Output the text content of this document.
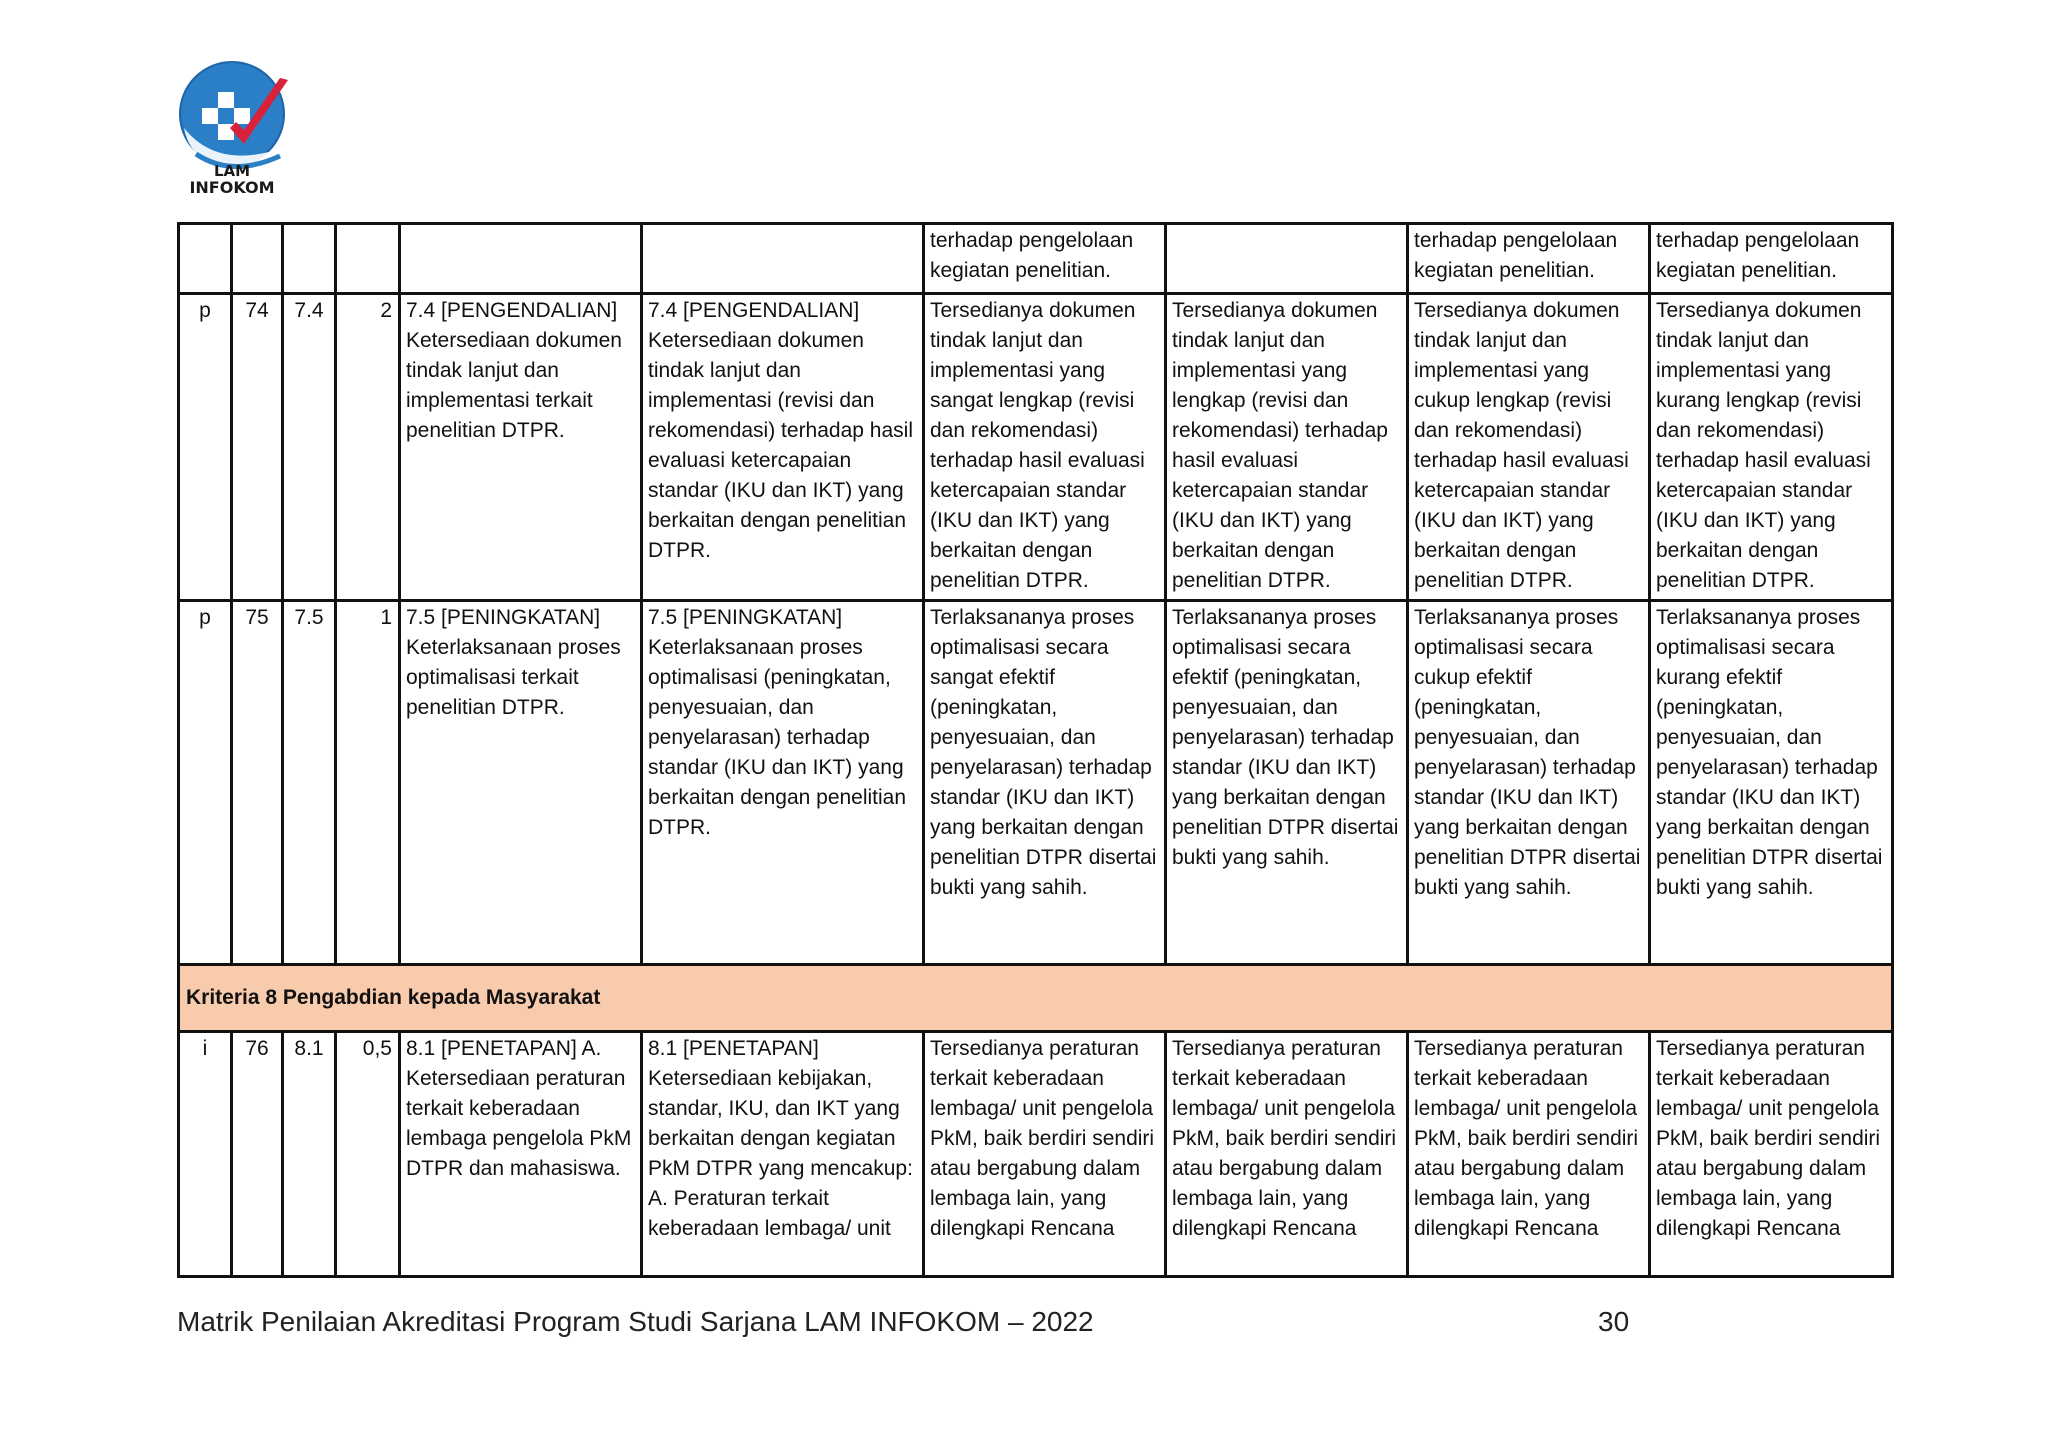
LAM
INFOKOM
						terhadap pengelolaan kegiatan penelitian.		terhadap pengelolaan kegiatan penelitian.	terhadap pengelolaan kegiatan penelitian.
p	74	7.4	2	7.4 [PENGENDALIAN] Ketersediaan dokumen tindak lanjut dan implementasi terkait penelitian DTPR.	7.4 [PENGENDALIAN] Ketersediaan dokumen tindak lanjut dan implementasi (revisi dan rekomendasi) terhadap hasil evaluasi ketercapaian standar (IKU dan IKT) yang berkaitan dengan penelitian DTPR.	Tersedianya dokumen tindak lanjut dan implementasi yang sangat lengkap (revisi dan rekomendasi) terhadap hasil evaluasi ketercapaian standar (IKU dan IKT) yang berkaitan dengan penelitian DTPR.	Tersedianya dokumen tindak lanjut dan implementasi yang lengkap (revisi dan rekomendasi) terhadap hasil evaluasi ketercapaian standar (IKU dan IKT) yang berkaitan dengan penelitian DTPR.	Tersedianya dokumen tindak lanjut dan implementasi yang cukup lengkap (revisi dan rekomendasi) terhadap hasil evaluasi ketercapaian standar (IKU dan IKT) yang berkaitan dengan penelitian DTPR.	Tersedianya dokumen tindak lanjut dan implementasi yang kurang lengkap (revisi dan rekomendasi) terhadap hasil evaluasi ketercapaian standar (IKU dan IKT) yang berkaitan dengan penelitian DTPR.
p	75	7.5	1	7.5 [PENINGKATAN] Keterlaksanaan proses optimalisasi terkait penelitian DTPR.	7.5 [PENINGKATAN] Keterlaksanaan proses optimalisasi (peningkatan, penyesuaian, dan penyelarasan) terhadap standar (IKU dan IKT) yang berkaitan dengan penelitian DTPR.	Terlaksananya proses optimalisasi secara sangat efektif (peningkatan, penyesuaian, dan penyelarasan) terhadap standar (IKU dan IKT) yang berkaitan dengan penelitian DTPR disertai bukti yang sahih.	Terlaksananya proses optimalisasi secara efektif (peningkatan, penyesuaian, dan penyelarasan) terhadap standar (IKU dan IKT) yang berkaitan dengan penelitian DTPR disertai bukti yang sahih.	Terlaksananya proses optimalisasi secara cukup efektif (peningkatan, penyesuaian, dan penyelarasan) terhadap standar (IKU dan IKT) yang berkaitan dengan penelitian DTPR disertai bukti yang sahih.	Terlaksananya proses optimalisasi secara kurang efektif (peningkatan, penyesuaian, dan penyelarasan) terhadap standar (IKU dan IKT) yang berkaitan dengan penelitian DTPR disertai bukti yang sahih.
Kriteria 8 Pengabdian kepada Masyarakat									
i	76	8.1	0,5	8.1 [PENETAPAN] A. Ketersediaan peraturan terkait keberadaan lembaga pengelola PkM DTPR dan mahasiswa.	8.1 [PENETAPAN] Ketersediaan kebijakan, standar, IKU, dan IKT yang berkaitan dengan kegiatan PkM DTPR yang mencakup: A. Peraturan terkait keberadaan lembaga/ unit	Tersedianya peraturan terkait keberadaan lembaga/ unit pengelola PkM, baik berdiri sendiri atau bergabung dalam lembaga lain, yang dilengkapi Rencana	Tersedianya peraturan terkait keberadaan lembaga/ unit pengelola PkM, baik berdiri sendiri atau bergabung dalam lembaga lain, yang dilengkapi Rencana	Tersedianya peraturan terkait keberadaan lembaga/ unit pengelola PkM, baik berdiri sendiri atau bergabung dalam lembaga lain, yang dilengkapi Rencana	Tersedianya peraturan terkait keberadaan lembaga/ unit pengelola PkM, baik berdiri sendiri atau bergabung dalam lembaga lain, yang dilengkapi Rencana
Matrik Penilaian Akreditasi Program Studi Sarjana LAM INFOKOM – 2022	30
